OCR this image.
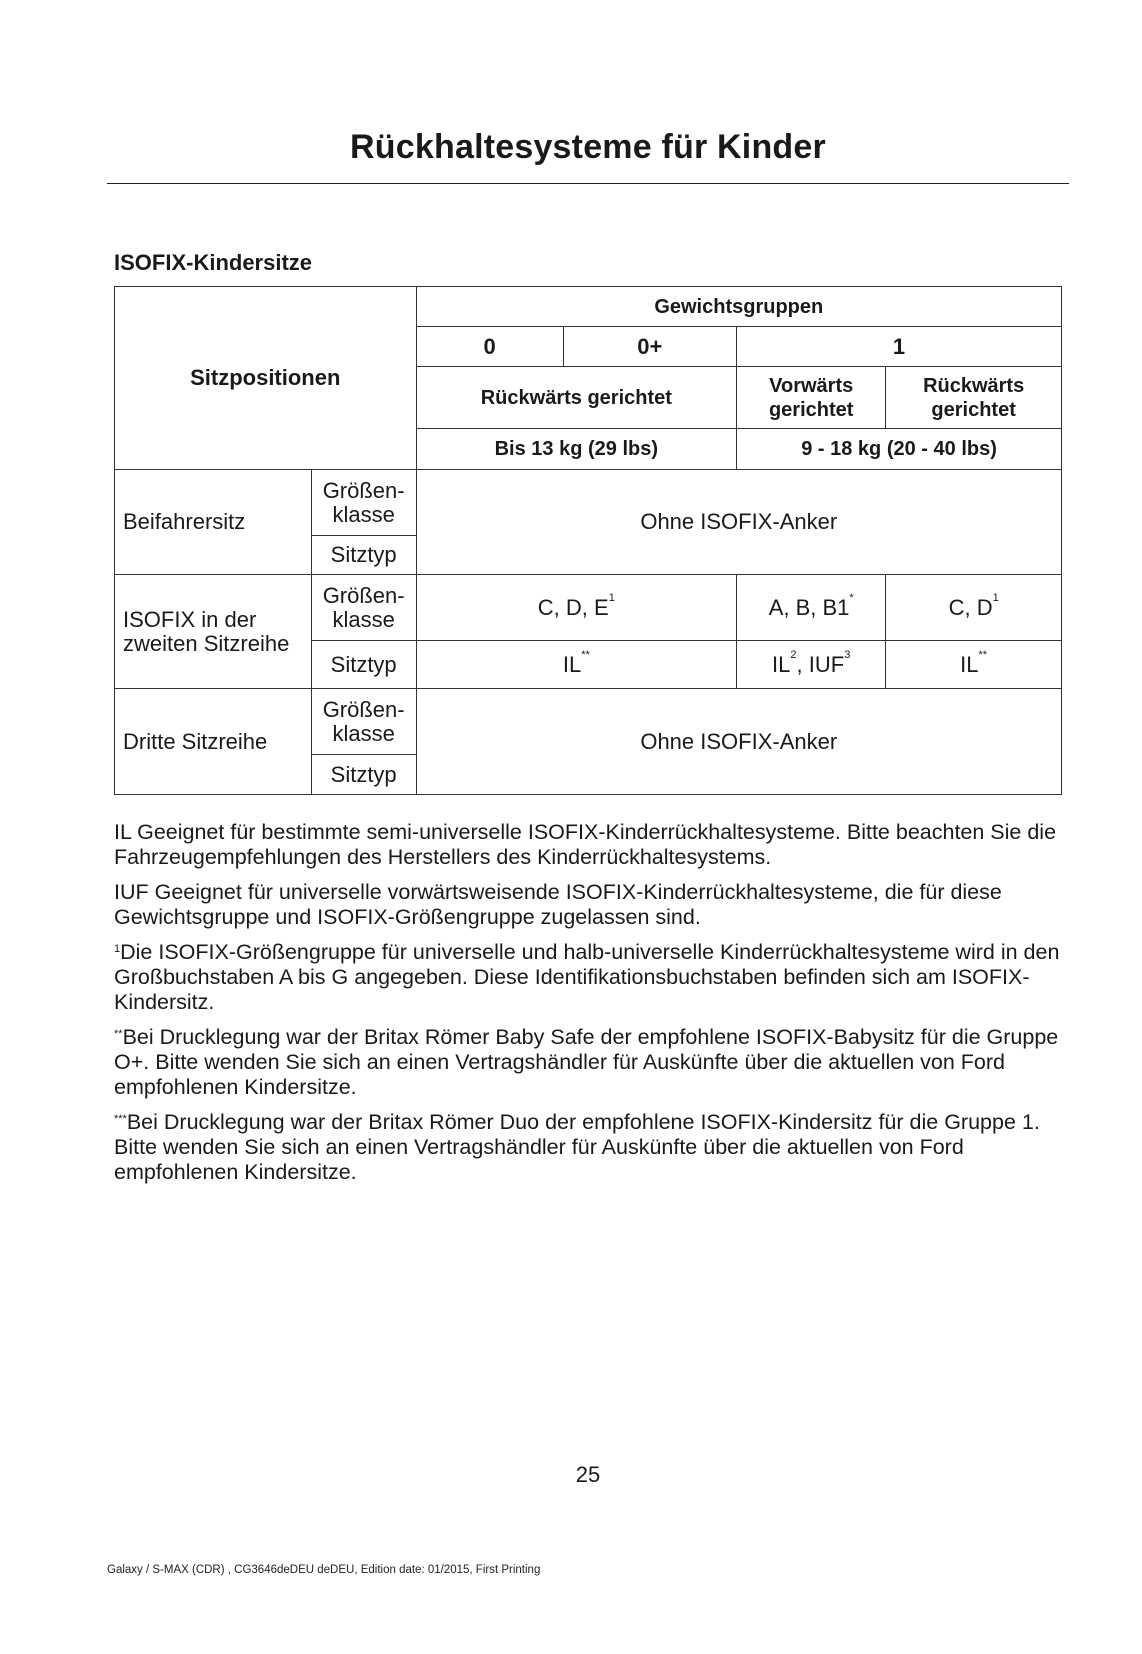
Rückhaltesysteme für Kinder
ISOFIX-Kindersitze
Sitzpositionen		Gewichtsgruppen			
		0	0+	1	
		Rückwärts gerichtet		Vorwärts gerichtet	Rückwärts gerichtet
		Bis 13 kg (29 lbs)		9 - 18 kg (20 - 40 lbs)	
Beifahrersitz	Größen-klasse	Ohne ISOFIX-Anker			
	Sitztyp				
ISOFIX in der zweiten Sitzreihe	Größen-klasse	C, D, $E^1$		A, B, B1*	C, $D^1$
	Sitztyp	IL**		$IL^2$, IUF$^3$	IL**
Dritte Sitzreihe	Größen-klasse	Ohne ISOFIX-Anker			
	Sitztyp				

IL Geeignet für bestimmte semi-universelle ISOFIX-Kinderrückhaltesysteme. Bitte beachten Sie die Fahrzeugempfehlungen des Herstellers des Kinderrückhaltesystems.

IUF Geeignet für universelle vorwärtsweisende ISOFIX-Kinderrückhaltesysteme, die für diese Gewichtsgruppe und ISOFIX-Größengruppe zugelassen sind.

$^1$Die ISOFIX-Größengruppe für universelle und halb-universelle Kinderrückhaltesysteme wird in den Großbuchstaben A bis G angegeben. Diese Identifikationsbuchstaben befinden sich am ISOFIX-Kindersitz.

**Bei Drucklegung war der Britax Römer Baby Safe der empfohlene ISOFIX-Babysitz für die Gruppe O+. Bitte wenden Sie sich an einen Vertragshändler für Auskünfte über die aktuellen von Ford empfohlenen Kindersitze.

***Bei Drucklegung war der Britax Römer Duo der empfohlene ISOFIX-Kindersitz für die Gruppe 1. Bitte wenden Sie sich an einen Vertragshändler für Auskünfte über die aktuellen von Ford empfohlenen Kindersitze.

25
Galaxy / S-MAX (CDR) , CG3646deDEU deDEU, Edition date: 01/2015, First Printing
